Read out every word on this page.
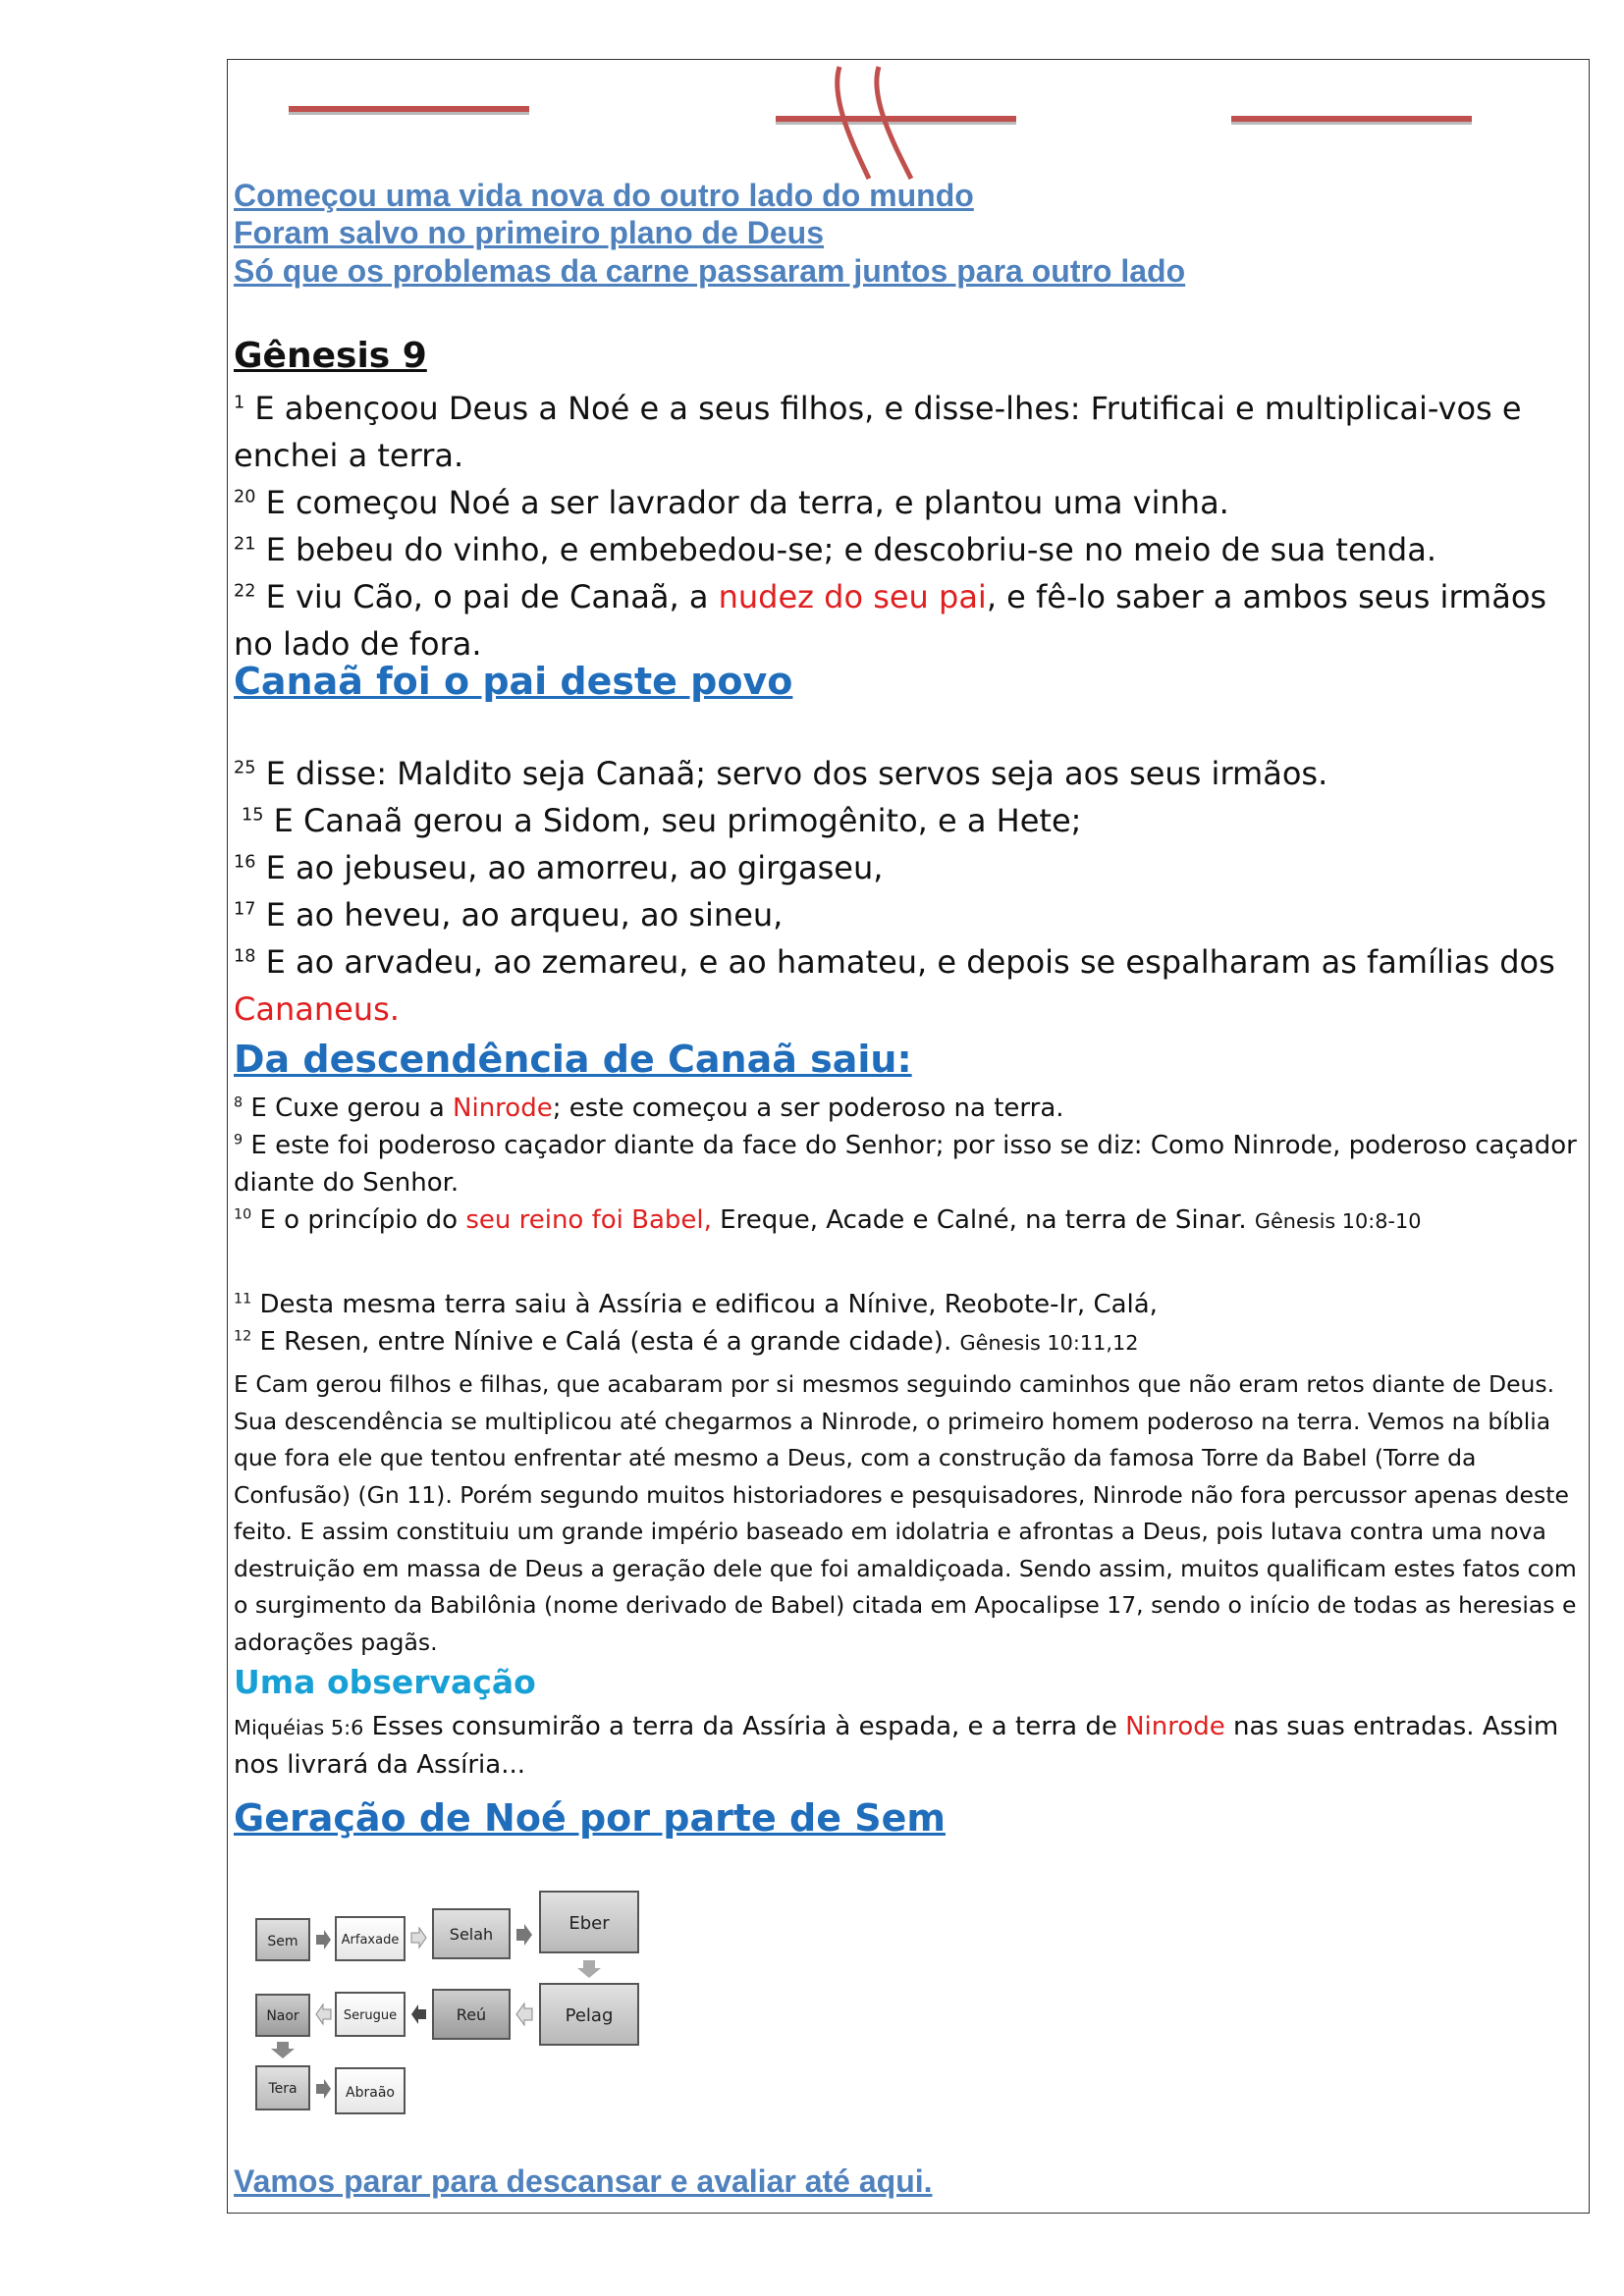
Começou uma vida nova do outro lado do mundo
Foram salvo no primeiro plano de Deus
Só que os problemas da carne passaram juntos para outro lado
Gênesis 9

$^1$ E abençoou Deus a Noé e a seus filhos, e disse-lhes: Frutificai e multiplicai-vos e enchei a terra.

$^{20}$ E começou Noé a ser lavrador da terra, e plantou uma vinha.

$^{21}$ E bebeu do vinho, e embebedou-se; e descobriu-se no meio de sua tenda.

$^{22}$ E viu Cão, o pai de Canaã, a nudez do seu pai, e fê-lo saber a ambos seus irmãos no lado de fora.

Canaã foi o pai deste povo

$^{25}$ E disse: Maldito seja Canaã; servo dos servos seja aos seus irmãos.

$^{15}$ E Canaã gerou a Sidom, seu primogênito, e a Hete;

$^{16}$ E ao jebuseu, ao amorreu, ao girgaseu,

$^{17}$ E ao heveu, ao arqueu, ao sineu,

$^{18}$ E ao arvadeu, ao zemareu, e ao hamateu, e depois se espalharam as famílias dos Cananeus.

Da descendência de Canaã saiu:

$^8$ E Cuxe gerou a Ninrode; este começou a ser poderoso na terra.

$^9$ E este foi poderoso caçador diante da face do Senhor; por isso se diz: Como Ninrode, poderoso caçador diante do Senhor.

$^{10}$ E o princípio do seu reino foi Babel, Ereque, Acade e Calné, na terra de Sinar. Gênesis 10:8-10

$^{11}$ Desta mesma terra saiu à Assíria e edificou a Nínive, Reobote-Ir, Calá,

$^{12}$ E Resen, entre Nínive e Calá (esta é a grande cidade). Gênesis 10:11,12

E Cam gerou filhos e filhas, que acabaram por si mesmos seguindo caminhos que não eram retos diante de Deus. Sua descendência se multiplicou até chegarmos a Ninrode, o primeiro homem poderoso na terra. Vemos na bíblia que fora ele que tentou enfrentar até mesmo a Deus, com a construção da famosa Torre da Babel (Torre da Confusão) (Gn 11). Porém segundo muitos historiadores e pesquisadores, Ninrode não fora percussor apenas deste feito. E assim constituiu um grande império baseado em idolatria e afrontas a Deus, pois lutava contra uma nova destruição em massa de Deus a geração dele que foi amaldiçoada. Sendo assim, muitos qualificam estes fatos com o surgimento da Babilônia (nome derivado de Babel) citada em Apocalipse 17, sendo o início de todas as heresias e adorações pagãs.

Uma observação

Miquéias 5:6 Esses consumirão a terra da Assíria à espada, e a terra de Ninrode nas suas entradas. Assim nos livrará da Assíria...

Geração de Noé por parte de Sem
Sem	Arfaxade	Selah
Eber
Pelag
Reú
Serugue
Naor
Tera	Abraão
Vamos parar para descansar e avaliar até aqui.
